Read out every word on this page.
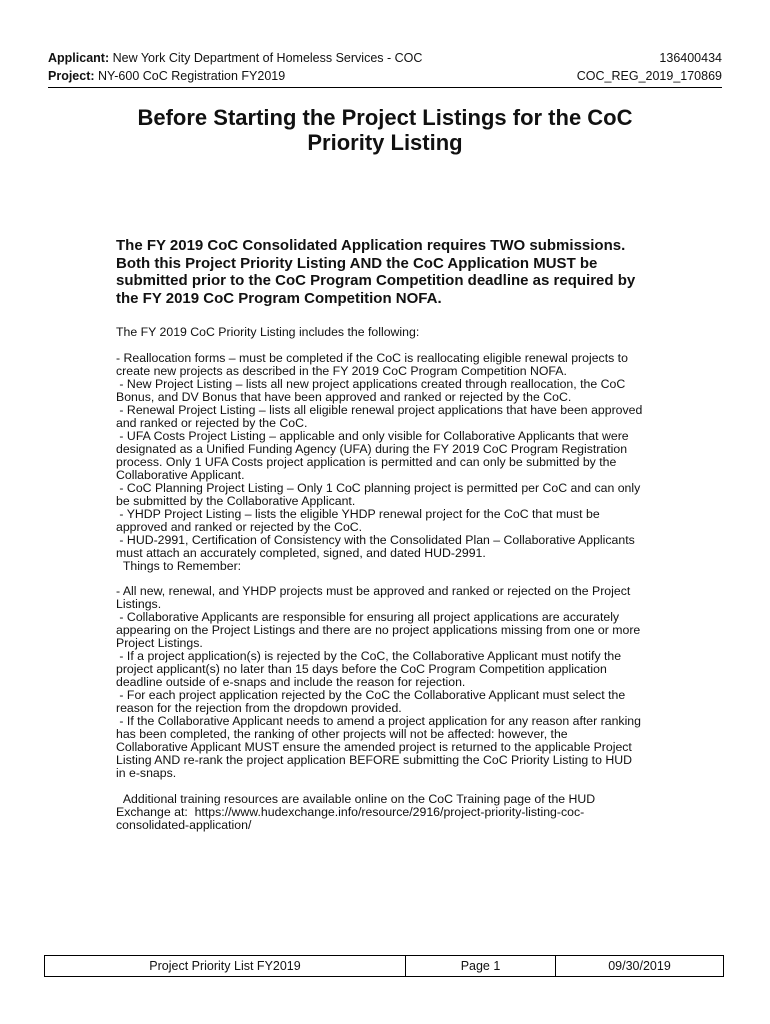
Applicant: New York City Department of Homeless Services - COC	136400434
Project: NY-600 CoC Registration FY2019	COC_REG_2019_170869
Before Starting the Project Listings for the CoC
Priority Listing
The FY 2019 CoC Consolidated Application requires TWO submissions. Both this Project Priority Listing AND the CoC Application MUST be submitted prior to the CoC Program Competition deadline as required by the FY 2019 CoC Program Competition NOFA.
The FY 2019 CoC Priority Listing includes the following:
- Reallocation forms – must be completed if the CoC is reallocating eligible renewal projects to
create new projects as described in the FY 2019 CoC Program Competition NOFA.
- New Project Listing – lists all new project applications created through reallocation, the CoC
Bonus, and DV Bonus that have been approved and ranked or rejected by the CoC.
- Renewal Project Listing – lists all eligible renewal project applications that have been approved
and ranked or rejected by the CoC.
- UFA Costs Project Listing – applicable and only visible for Collaborative Applicants that were
designated as a Unified Funding Agency (UFA) during the FY 2019 CoC Program Registration
process. Only 1 UFA Costs project application is permitted and can only be submitted by the
Collaborative Applicant.
- CoC Planning Project Listing – Only 1 CoC planning project is permitted per CoC and can only
be submitted by the Collaborative Applicant.
- YHDP Project Listing – lists the eligible YHDP renewal project for the CoC that must be
approved and ranked or rejected by the CoC.
- HUD-2991, Certification of Consistency with the Consolidated Plan – Collaborative Applicants
must attach an accurately completed, signed, and dated HUD-2991.
Things to Remember:
- All new, renewal, and YHDP projects must be approved and ranked or rejected on the Project
Listings.
- Collaborative Applicants are responsible for ensuring all project applications are accurately
appearing on the Project Listings and there are no project applications missing from one or more
Project Listings.
- If a project application(s) is rejected by the CoC, the Collaborative Applicant must notify the
project applicant(s) no later than 15 days before the CoC Program Competition application
deadline outside of e-snaps and include the reason for rejection.
- For each project application rejected by the CoC the Collaborative Applicant must select the
reason for the rejection from the dropdown provided.
- If the Collaborative Applicant needs to amend a project application for any reason after ranking
has been completed, the ranking of other projects will not be affected: however, the
Collaborative Applicant MUST ensure the amended project is returned to the applicable Project
Listing AND re-rank the project application BEFORE submitting the CoC Priority Listing to HUD
in e-snaps.
Additional training resources are available online on the CoC Training page of the HUD
Exchange at:  https://www.hudexchange.info/resource/2916/project-priority-listing-coc-
consolidated-application/
Project Priority List FY2019	Page 1	09/30/2019
